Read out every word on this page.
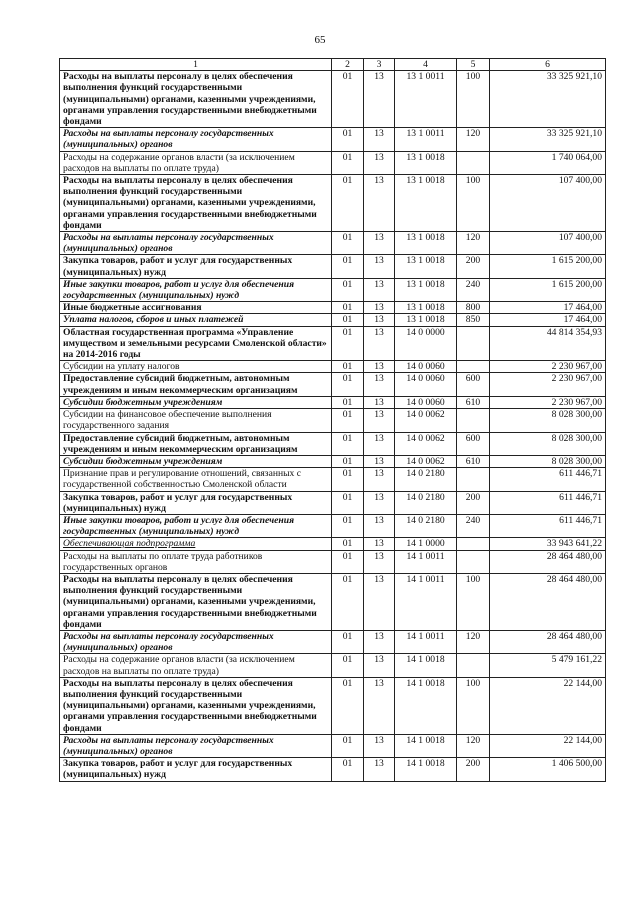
65
1	2	3	4	5	6
Расходы на выплаты персоналу в целях обеспечения выполнения функций государственными (муниципальными) органами, казенными учреждениями, органами управления государственными внебюджетными фондами	01	13	13 1 0011	100	33 325 921,10
Расходы на выплаты персоналу государственных (муниципальных) органов	01	13	13 1 0011	120	33 325 921,10
Расходы на содержание органов власти (за исключением расходов на выплаты по оплате труда)	01	13	13 1 0018		1 740 064,00
Расходы на выплаты персоналу в целях обеспечения выполнения функций государственными (муниципальными) органами, казенными учреждениями, органами управления государственными внебюджетными фондами	01	13	13 1 0018	100	107 400,00
Расходы на выплаты персоналу государственных (муниципальных) органов	01	13	13 1 0018	120	107 400,00
Закупка товаров, работ и услуг для государственных (муниципальных) нужд	01	13	13 1 0018	200	1 615 200,00
Иные закупки товаров, работ и услуг для обеспечения государственных (муниципальных) нужд	01	13	13 1 0018	240	1 615 200,00
Иные бюджетные ассигнования	01	13	13 1 0018	800	17 464,00
Уплата налогов, сборов и иных платежей	01	13	13 1 0018	850	17 464,00
Областная государственная программа «Управление имуществом и земельными ресурсами Смоленской области» на 2014-2016 годы	01	13	14 0 0000		44 814 354,93
Субсидии на уплату налогов	01	13	14 0 0060		2 230 967,00
Предоставление субсидий бюджетным, автономным учреждениям и иным некоммерческим организациям	01	13	14 0 0060	600	2 230 967,00
Субсидии бюджетным учреждениям	01	13	14 0 0060	610	2 230 967,00
Субсидии на финансовое обеспечение выполнения государственного задания	01	13	14 0 0062		8 028 300,00
Предоставление субсидий бюджетным, автономным учреждениям и иным некоммерческим организациям	01	13	14 0 0062	600	8 028 300,00
Субсидии бюджетным учреждениям	01	13	14 0 0062	610	8 028 300,00
Признание прав и регулирование отношений, связанных с государственной собственностью Смоленской области	01	13	14 0 2180		611 446,71
Закупка товаров, работ и услуг для государственных (муниципальных) нужд	01	13	14 0 2180	200	611 446,71
Иные закупки товаров, работ и услуг для обеспечения государственных (муниципальных) нужд	01	13	14 0 2180	240	611 446,71
Обеспечивающая подпрограмма	01	13	14 1 0000		33 943 641,22
Расходы на выплаты по оплате труда работников государственных органов	01	13	14 1 0011		28 464 480,00
Расходы на выплаты персоналу в целях обеспечения выполнения функций государственными (муниципальными) органами, казенными учреждениями, органами управления государственными внебюджетными фондами	01	13	14 1 0011	100	28 464 480,00
Расходы на выплаты персоналу государственных (муниципальных) органов	01	13	14 1 0011	120	28 464 480,00
Расходы на содержание органов власти (за исключением расходов на выплаты по оплате труда)	01	13	14 1 0018		5 479 161,22
Расходы на выплаты персоналу в целях обеспечения выполнения функций государственными (муниципальными) органами, казенными учреждениями, органами управления государственными внебюджетными фондами	01	13	14 1 0018	100	22 144,00
Расходы на выплаты персоналу государственных (муниципальных) органов	01	13	14 1 0018	120	22 144,00
Закупка товаров, работ и услуг для государственных (муниципальных) нужд	01	13	14 1 0018	200	1 406 500,00
